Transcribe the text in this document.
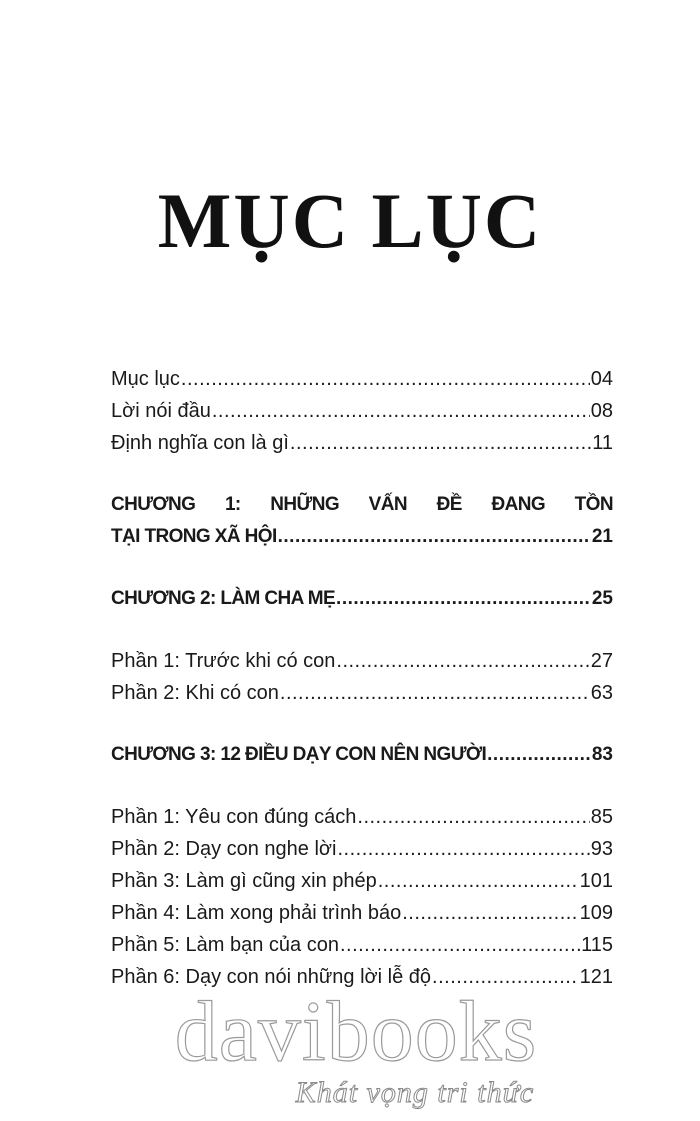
MỤC LỤC
Mục lục .....	04
Lời nói đầu .....	08
Định nghĩa con là gì .....	11
CHƯƠNG 1: NHỮNG VẤN ĐỀ ĐANG TỒN
TẠI TRONG XÃ HỘI .....	21
CHƯƠNG 2: LÀM CHA MẸ .....	25
Phần 1: Trước khi có con .....	27
Phần 2: Khi có con .....	63
CHƯƠNG 3: 12 ĐIỀU DẠY CON NÊN NGƯỜI .....	83
Phần 1: Yêu con đúng cách .....	85
Phần 2: Dạy con nghe lời .....	93
Phần 3: Làm gì cũng xin phép .....	101
Phần 4: Làm xong phải trình báo .....	109
Phần 5: Làm bạn của con .....	115
Phần 6: Dạy con nói những lời lễ độ .....	121
davibooks
Khát vọng tri thức
